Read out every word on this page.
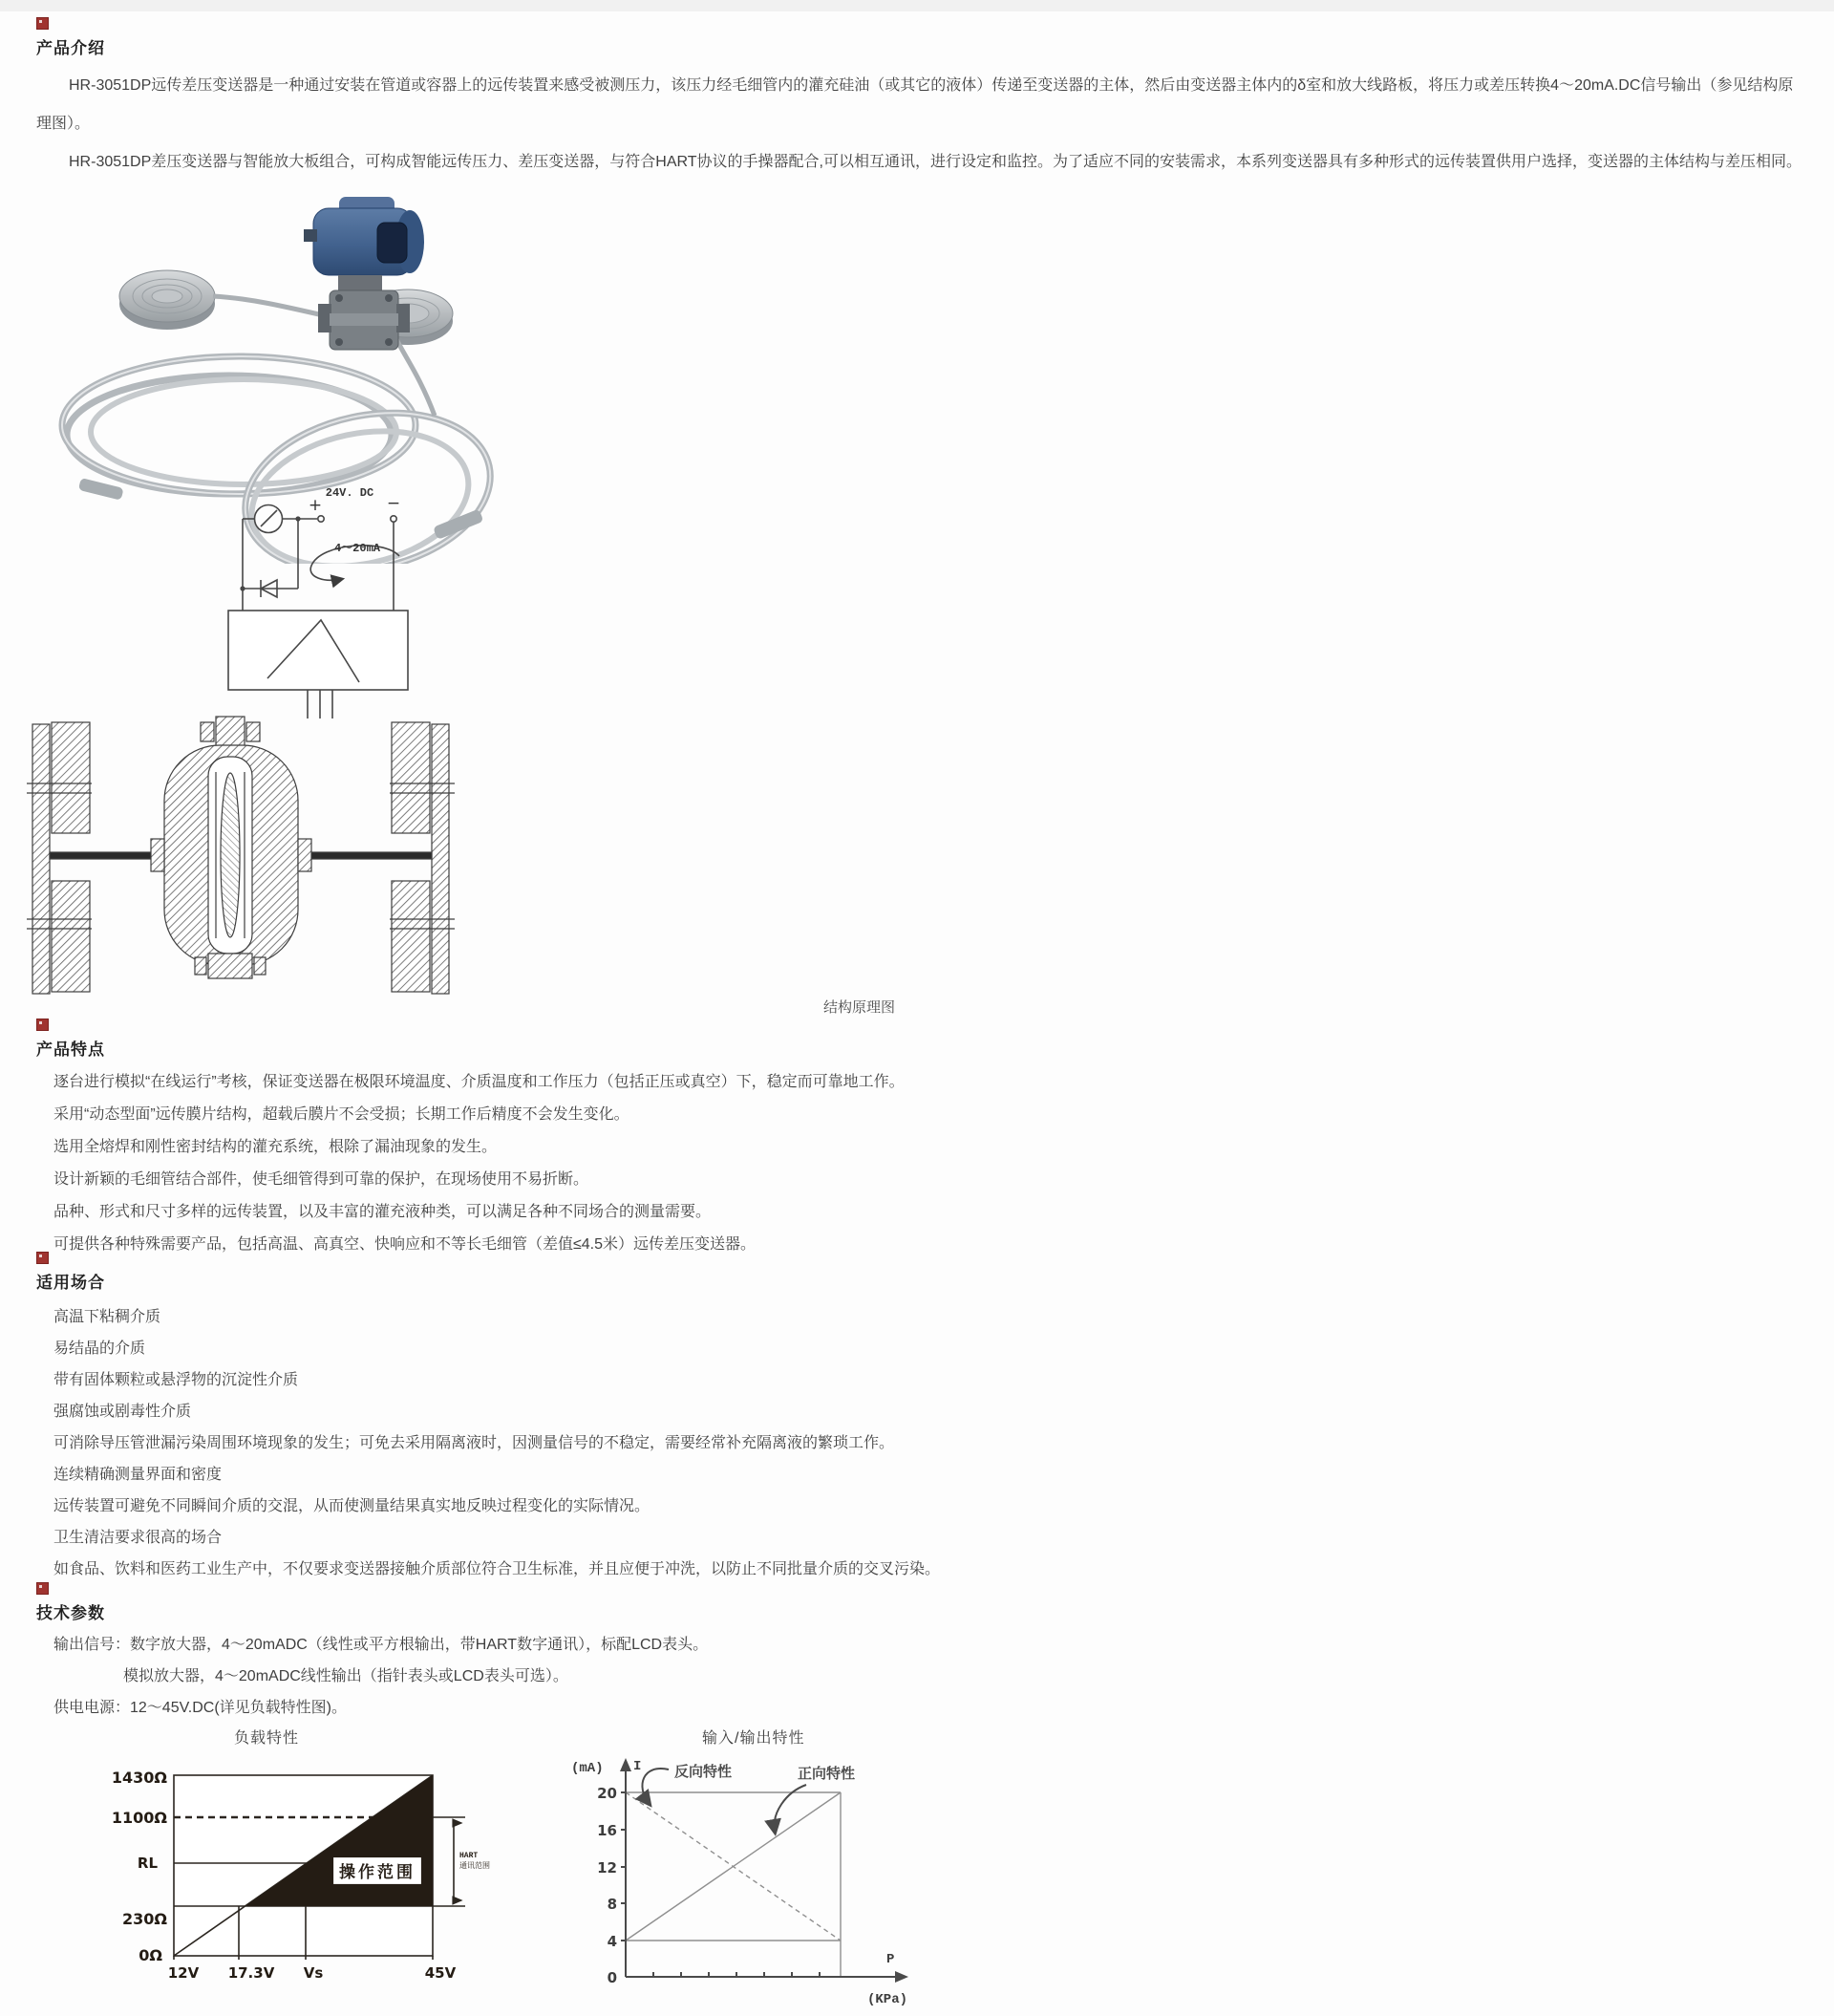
产品介绍
HR-3051DP远传差压变送器是一种通过安装在管道或容器上的远传装置来感受被测压力，该压力经毛细管内的灌充硅油（或其它的液体）传递至变送器的主体，然后由变送器主体内的δ室和放大线路板，将压力或差压转换4～20mA.DC信号输出（参见结构原理图）。
HR-3051DP差压变送器与智能放大板组合，可构成智能远传压力、差压变送器，与符合HART协议的手操器配合,可以相互通讯，进行设定和监控。为了适应不同的安装需求，本系列变送器具有多种形式的远传装置供用户选择，变送器的主体结构与差压相同。
24V. DC
+	−
4～20mA
结构原理图
产品特点
逐台进行模拟“在线运行”考核，保证变送器在极限环境温度、介质温度和工作压力（包括正压或真空）下，稳定而可靠地工作。
采用“动态型面”远传膜片结构，超载后膜片不会受损；长期工作后精度不会发生变化。
选用全熔焊和刚性密封结构的灌充系统，根除了漏油现象的发生。
设计新颖的毛细管结合部件，使毛细管得到可靠的保护，在现场使用不易折断。
品种、形式和尺寸多样的远传装置，以及丰富的灌充液种类，可以满足各种不同场合的测量需要。
可提供各种特殊需要产品，包括高温、高真空、快响应和不等长毛细管（差值≤4.5米）远传差压变送器。
适用场合
高温下粘稠介质
易结晶的介质
带有固体颗粒或悬浮物的沉淀性介质
强腐蚀或剧毒性介质
可消除导压管泄漏污染周围环境现象的发生；可免去采用隔离液时，因测量信号的不稳定，需要经常补充隔离液的繁琐工作。
连续精确测量界面和密度
远传装置可避免不同瞬间介质的交混，从而使测量结果真实地反映过程变化的实际情况。
卫生清洁要求很高的场合
如食品、饮料和医药工业生产中，不仅要求变送器接触介质部位符合卫生标准，并且应便于冲洗，以防止不同批量介质的交叉污染。
技术参数
输出信号：数字放大器，4～20mADC（线性或平方根输出，带HART数字通讯），标配LCD表头。
模拟放大器，4～20mADC线性输出（指针表头或LCD表头可选）。
供电电源：12～45V.DC(详见负载特性图)。
负载特性	输入/输出特性
操作范围
1430Ω
1100Ω
RL
230Ω
0Ω
12V 17.3V Vs	45V
HART
通讯范围
20
16
12
8
4
0
(mA) I
P
(KPa)
反向特性	正向特性
